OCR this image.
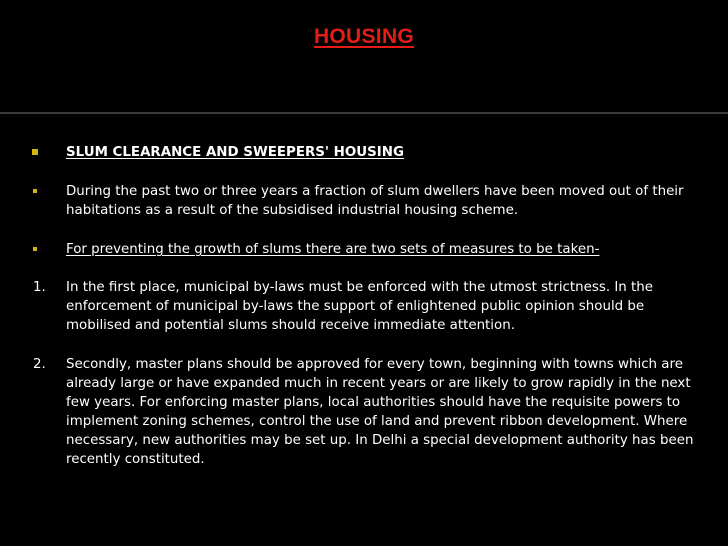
HOUSING
SLUM CLEARANCE AND SWEEPERS' HOUSING
During the past two or three years a fraction of slum dwellers have been moved out of their
habitations as a result of the subsidised industrial housing scheme.
For preventing the growth of slums there are two sets of measures to be taken-
1. In the first place, municipal by-laws must be enforced with the utmost strictness. In the
enforcement of municipal by-laws the support of enlightened public opinion should be
mobilised and potential slums should receive immediate attention.
2. Secondly, master plans should be approved for every town, beginning with towns which are
already large or have expanded much in recent years or are likely to grow rapidly in the next
few years. For enforcing master plans, local authorities should have the requisite powers to
implement zoning schemes, control the use of land and prevent ribbon development. Where
necessary, new authorities may be set up. In Delhi a special development authority has been
recently constituted.
